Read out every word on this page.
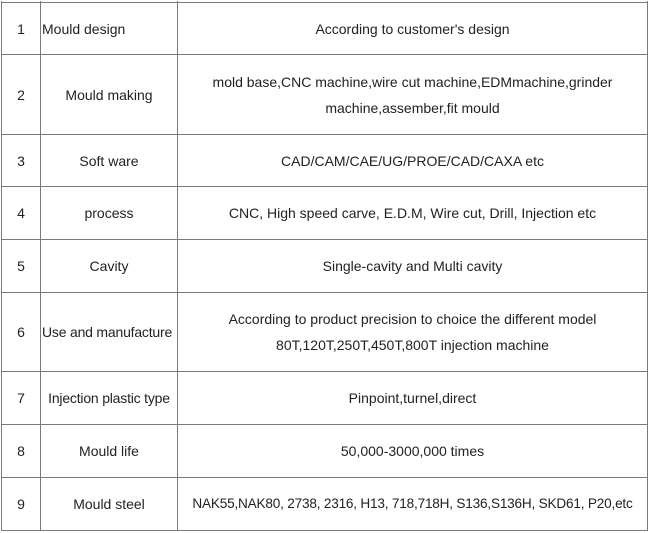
1	Mould design	According to customer's design
2	Mould making	mold base,CNC machine,wire cut machine,EDMmachine,grinder machine,assember,fit mould
3	Soft ware	CAD/CAM/CAE/UG/PROE/CAD/CAXA etc
4	process	CNC, High speed carve, E.D.M, Wire cut, Drill, Injection etc
5	Cavity	Single-cavity and Multi cavity
6	Use and manufacture	According to product precision to choice the different model 80T,120T,250T,450T,800T injection machine
7	Injection plastic type	Pinpoint,turnel,direct
8	Mould life	50,000-3000,000 times
9	Mould steel	NAK55,NAK80, 2738, 2316, H13, 718,718H, S136,S136H, SKD61, P20,etc
